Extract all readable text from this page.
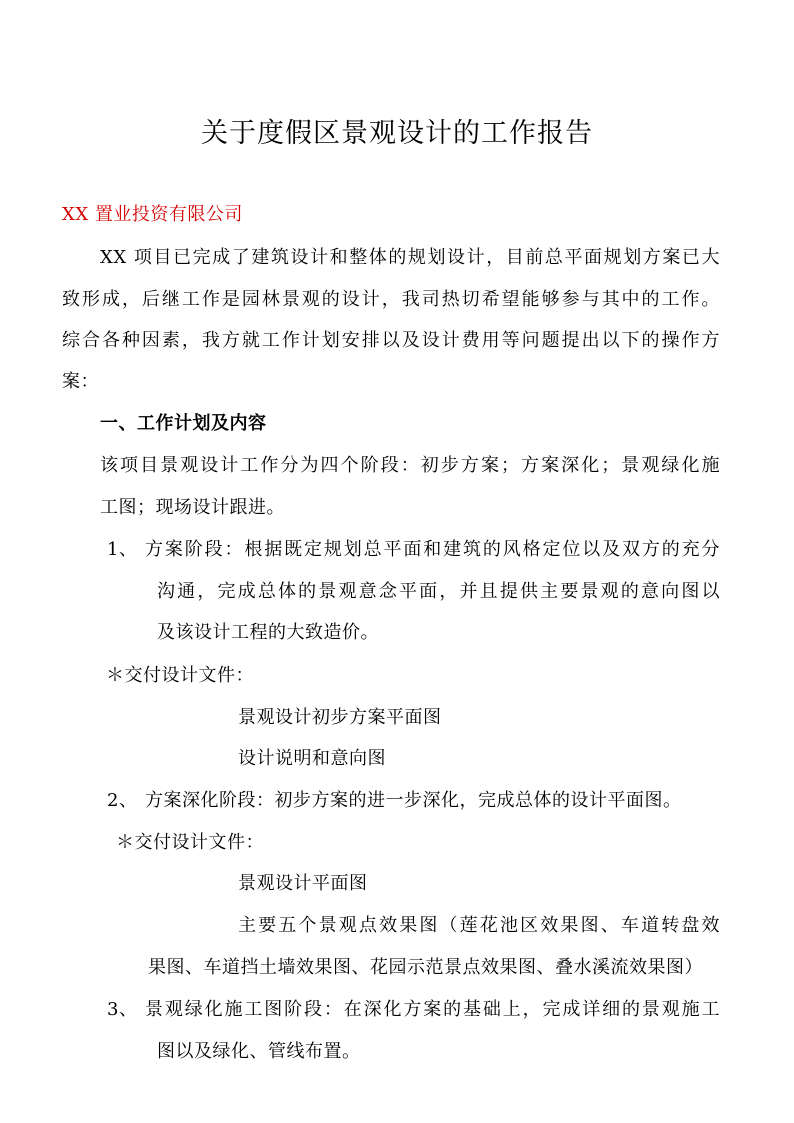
关于度假区景观设计的工作报告
XX 置业投资有限公司
XX 项目已完成了建筑设计和整体的规划设计，目前总平面规划方案已大
致形成，后继工作是园林景观的设计，我司热切希望能够参与其中的工作。
综合各种因素，我方就工作计划安排以及设计费用等问题提出以下的操作方
案：
一、工作计划及内容
该项目景观设计工作分为四个阶段：初步方案；方案深化；景观绿化施
工图；现场设计跟进。
1、 方案阶段：根据既定规划总平面和建筑的风格定位以及双方的充分
沟通，完成总体的景观意念平面，并且提供主要景观的意向图以
及该设计工程的大致造价。
＊交付设计文件：
景观设计初步方案平面图
设计说明和意向图
2、 方案深化阶段：初步方案的进一步深化，完成总体的设计平面图。
＊交付设计文件：
景观设计平面图
主要五个景观点效果图（莲花池区效果图、车道转盘效
果图、车道挡土墙效果图、花园示范景点效果图、叠水溪流效果图）
3、 景观绿化施工图阶段：在深化方案的基础上，完成详细的景观施工
图以及绿化、管线布置。
